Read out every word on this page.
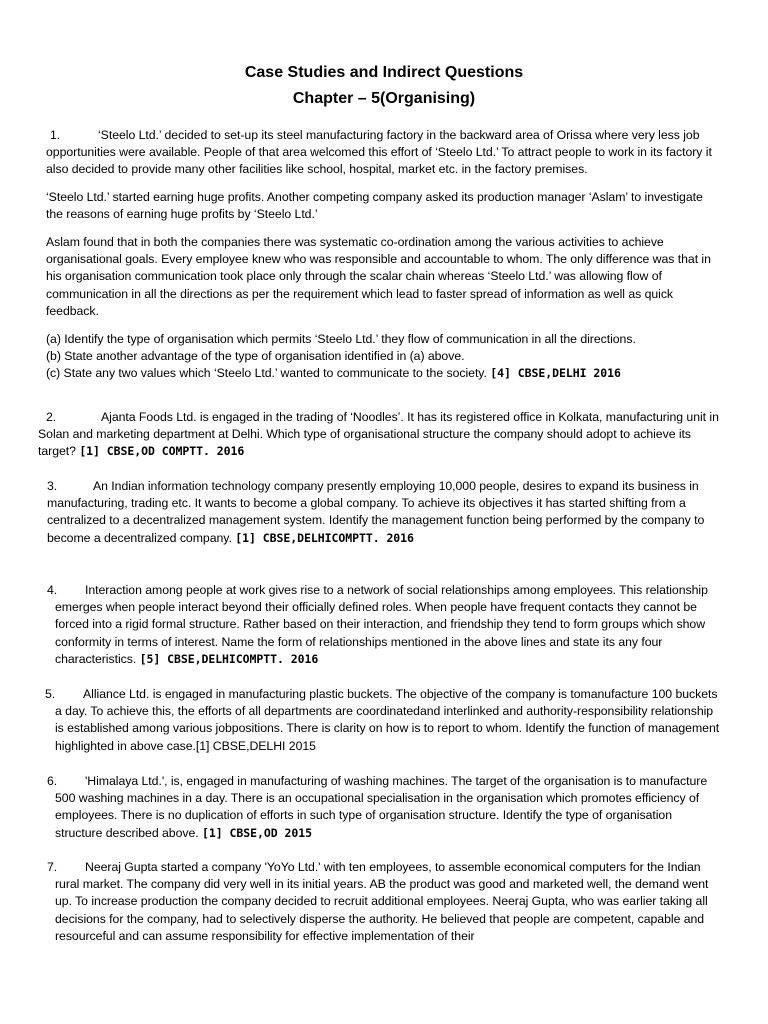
Case Studies and Indirect Questions
Chapter – 5(Organising)
1.	‘Steelo Ltd.’ decided to set-up its steel manufacturing factory in the backward area of Orissa where very less job opportunities were available. People of that area welcomed this effort of ‘Steelo Ltd.’ To attract people to work in its factory it also decided to provide many other facilities like school, hospital, market etc. in the factory premises.
‘Steelo Ltd.’ started earning huge profits. Another competing company asked its production manager ‘Aslam’ to investigate the reasons of earning huge profits by ‘Steelo Ltd.’
Aslam found that in both the companies there was systematic co-ordination among the various activities to achieve organisational goals. Every employee knew who was responsible and accountable to whom. The only difference was that in his organisation communication took place only through the scalar chain whereas ‘Steelo Ltd.’ was allowing flow of communication in all the directions as per the requirement which lead to faster spread of information as well as quick feedback.
(a) Identify the type of organisation which permits ‘Steelo Ltd.’ they flow of communication in all the directions.
(b) State another advantage of the type of organisation identified in (a) above.
(c) State any two values which ‘Steelo Ltd.’ wanted to communicate to the society. [4] CBSE,DELHI 2016
2.	Ajanta Foods Ltd. is engaged in the trading of ‘Noodles’. It has its registered office in Kolkata, manufacturing unit in Solan and marketing department at Delhi. Which type of organisational structure the company should adopt to achieve its target? [1] CBSE,OD COMPTT. 2016
3.	An Indian information technology company presently employing 10,000 people, desires to expand its business in manufacturing, trading etc. It wants to become a global company. To achieve its objectives it has started shifting from a centralized to a decentralized management system. Identify the management function being performed by the company to become a decentralized company. [1] CBSE,DELHICOMPTT. 2016
4. Interaction among people at work gives rise to a network of social relationships among employees. This relationship emerges when people interact beyond their officially defined roles. When people have frequent contacts they cannot be forced into a rigid formal structure. Rather based on their interaction, and friendship they tend to form groups which show conformity in terms of interest. Name the form of relationships mentioned in the above lines and state its any four characteristics. [5] CBSE,DELHICOMPTT. 2016
5. Alliance Ltd. is engaged in manufacturing plastic buckets. The objective of the company is tomanufacture 100 buckets a day. To achieve this, the efforts of all departments are coordinatedand interlinked and authority-responsibility relationship is established among various jobpositions. There is clarity on how is to report to whom. Identify the function of management highlighted in above case.[1] CBSE,DELHI 2015
6. 'Himalaya Ltd.', is, engaged in manufacturing of washing machines. The target of the organisation is to manufacture 500 washing machines in a day. There is an occupational specialisation in the organisation which promotes efficiency of employees. There is no duplication of efforts in such type of organisation structure. Identify the type of organisation structure described above. [1] CBSE,OD 2015
7. Neeraj Gupta started a company 'YoYo Ltd.' with ten employees, to assemble economical computers for the Indian rural market. The company did very well in its initial years. AB the product was good and marketed well, the demand went up. To increase production the company decided to recruit additional employees. Neeraj Gupta, who was earlier taking all decisions for the company, had to selectively disperse the authority. He believed that people are competent, capable and resourceful and can assume responsibility for effective implementation of their
